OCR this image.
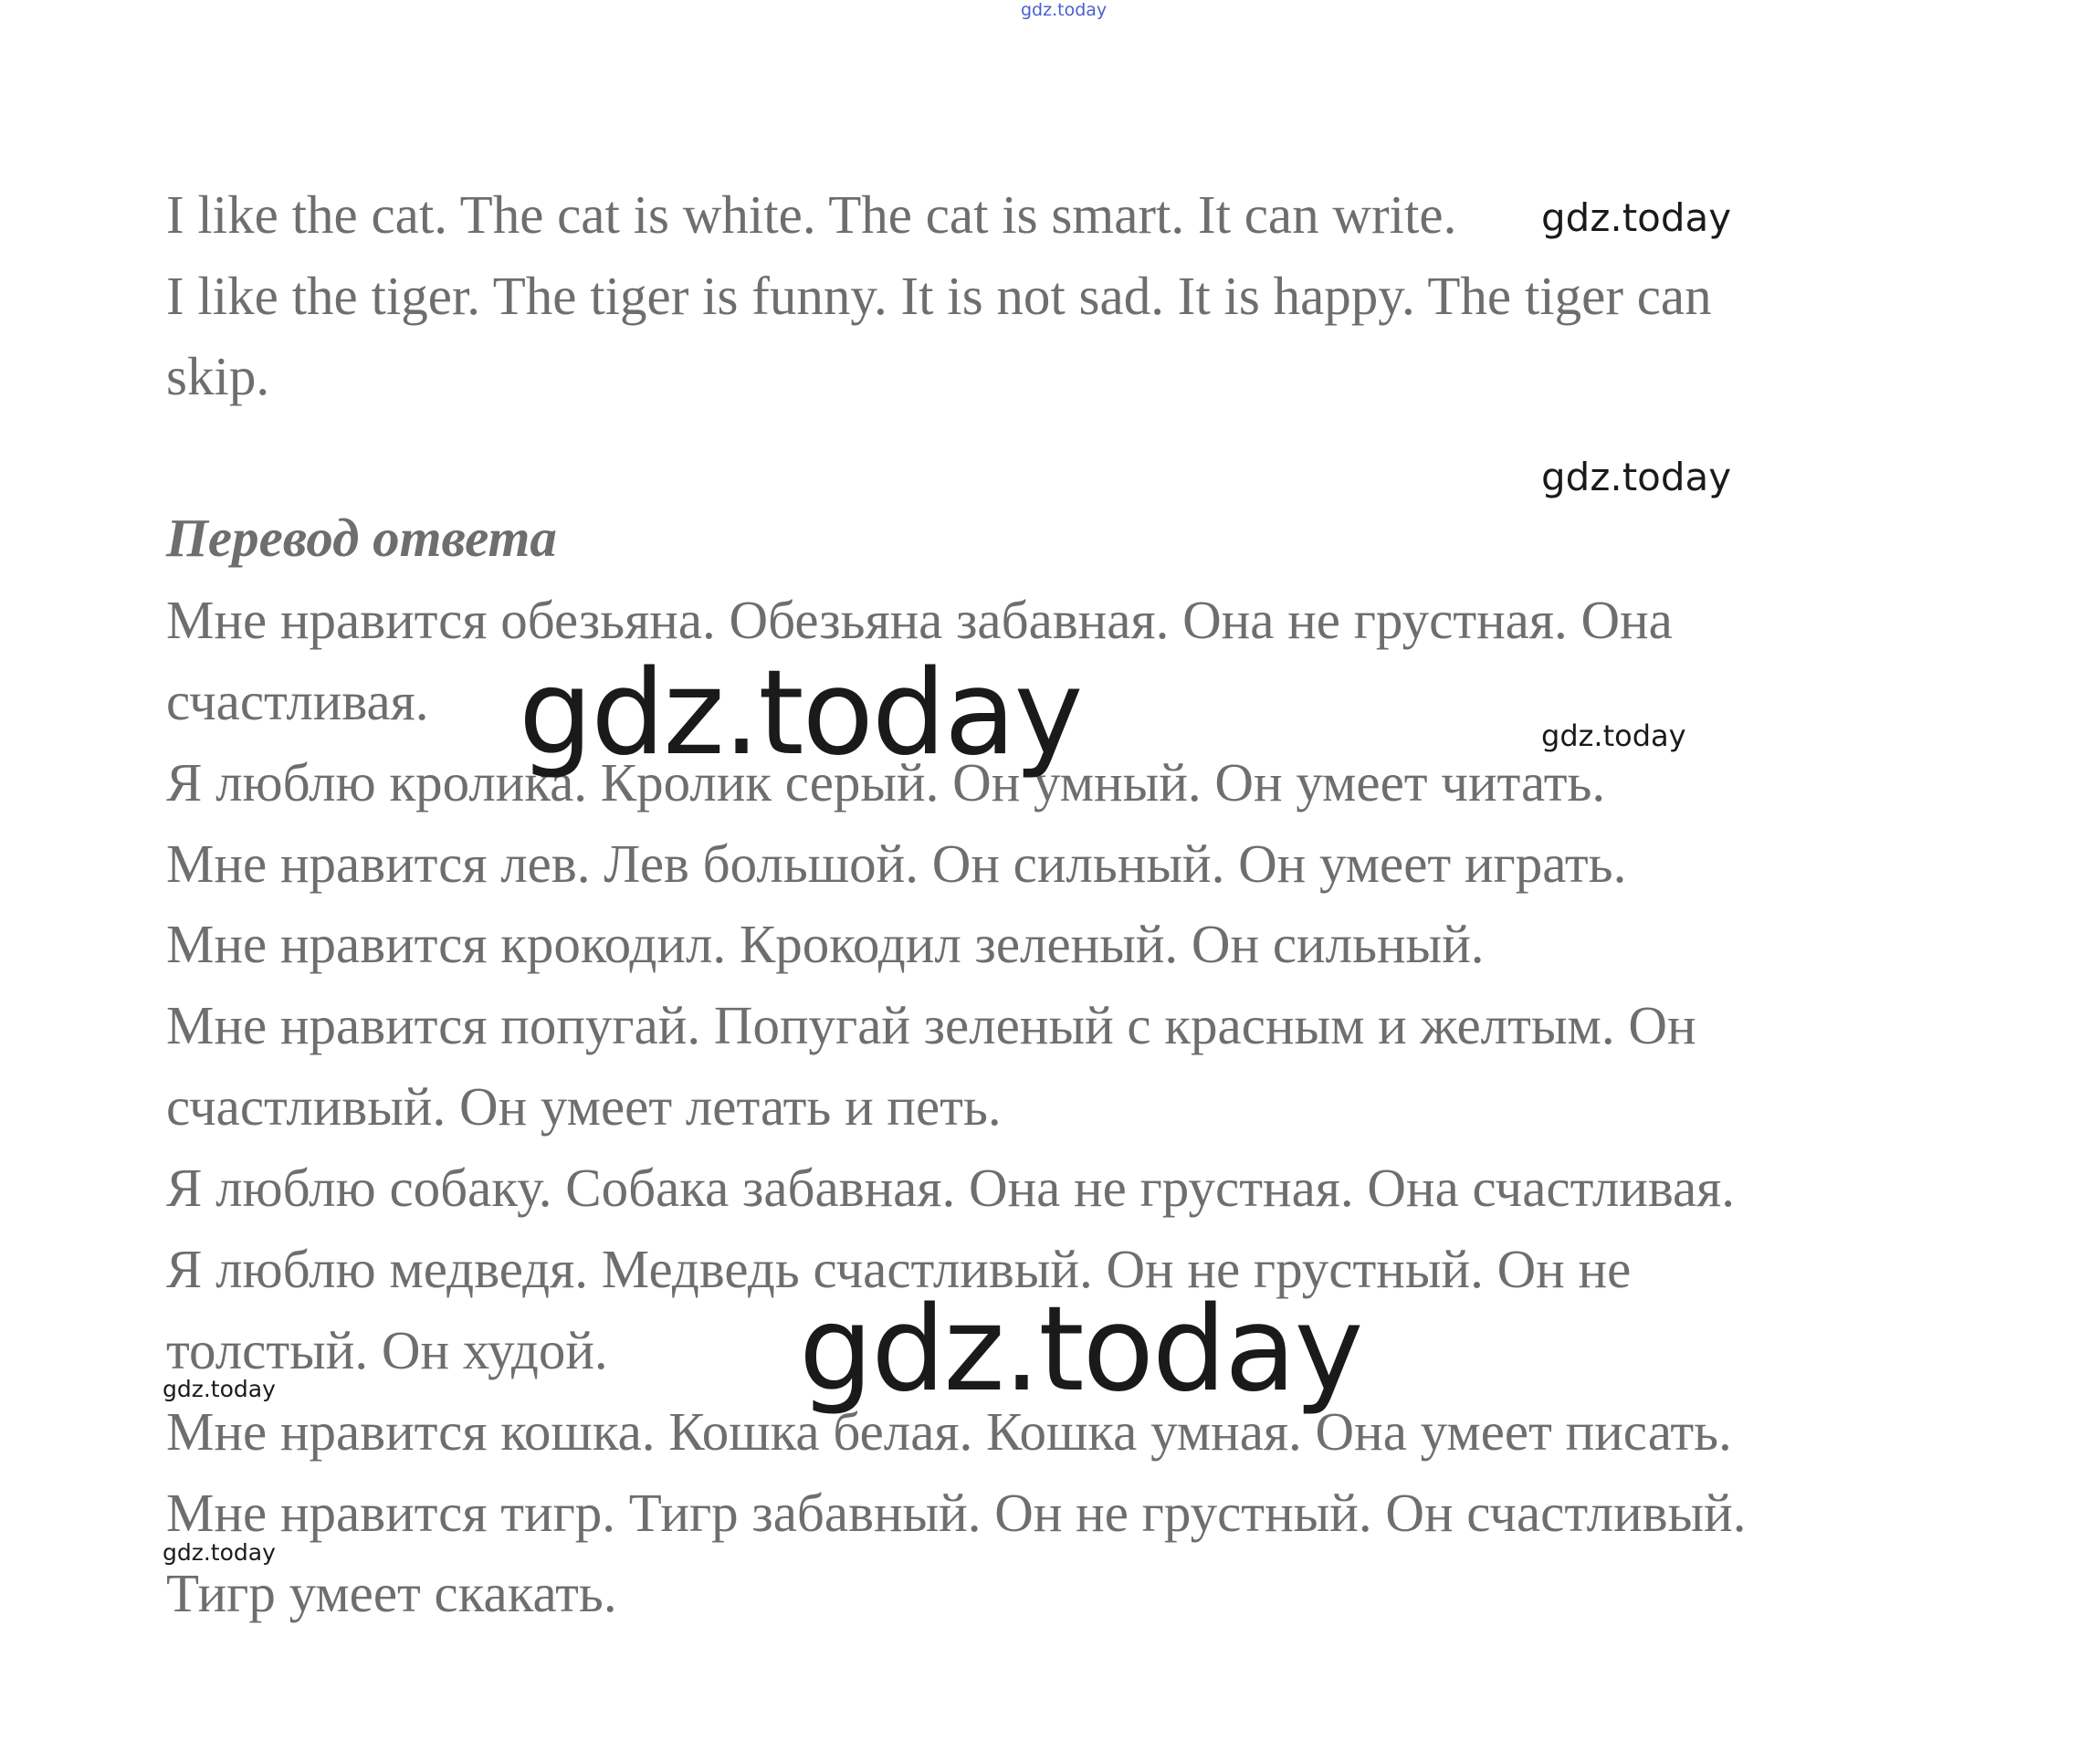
gdz.today
I like the cat. The cat is white. The cat is smart. It can write.
I like the tiger. The tiger is funny. It is not sad. It is happy. The tiger can
skip.
gdz.today
gdz.today
Перевод ответа
Мне нравится обезьяна. Обезьяна забавная. Она не грустная. Она
счастливая.
Я люблю кролика. Кролик серый. Он умный. Он умеет читать.
Мне нравится лев. Лев большой. Он сильный. Он умеет играть.
Мне нравится крокодил. Крокодил зеленый. Он сильный.
Мне нравится попугай. Попугай зеленый с красным и желтым. Он
счастливый. Он умеет летать и петь.
Я люблю собаку. Собака забавная. Она не грустная. Она счастливая.
Я люблю медведя. Медведь счастливый. Он не грустный. Он не
толстый. Он худой.
Мне нравится кошка. Кошка белая. Кошка умная. Она умеет писать.
Мне нравится тигр. Тигр забавный. Он не грустный. Он счастливый.
Тигр умеет скакать.
gdz.today	gdz.today
gdz.today
gdz.today
gdz.today
